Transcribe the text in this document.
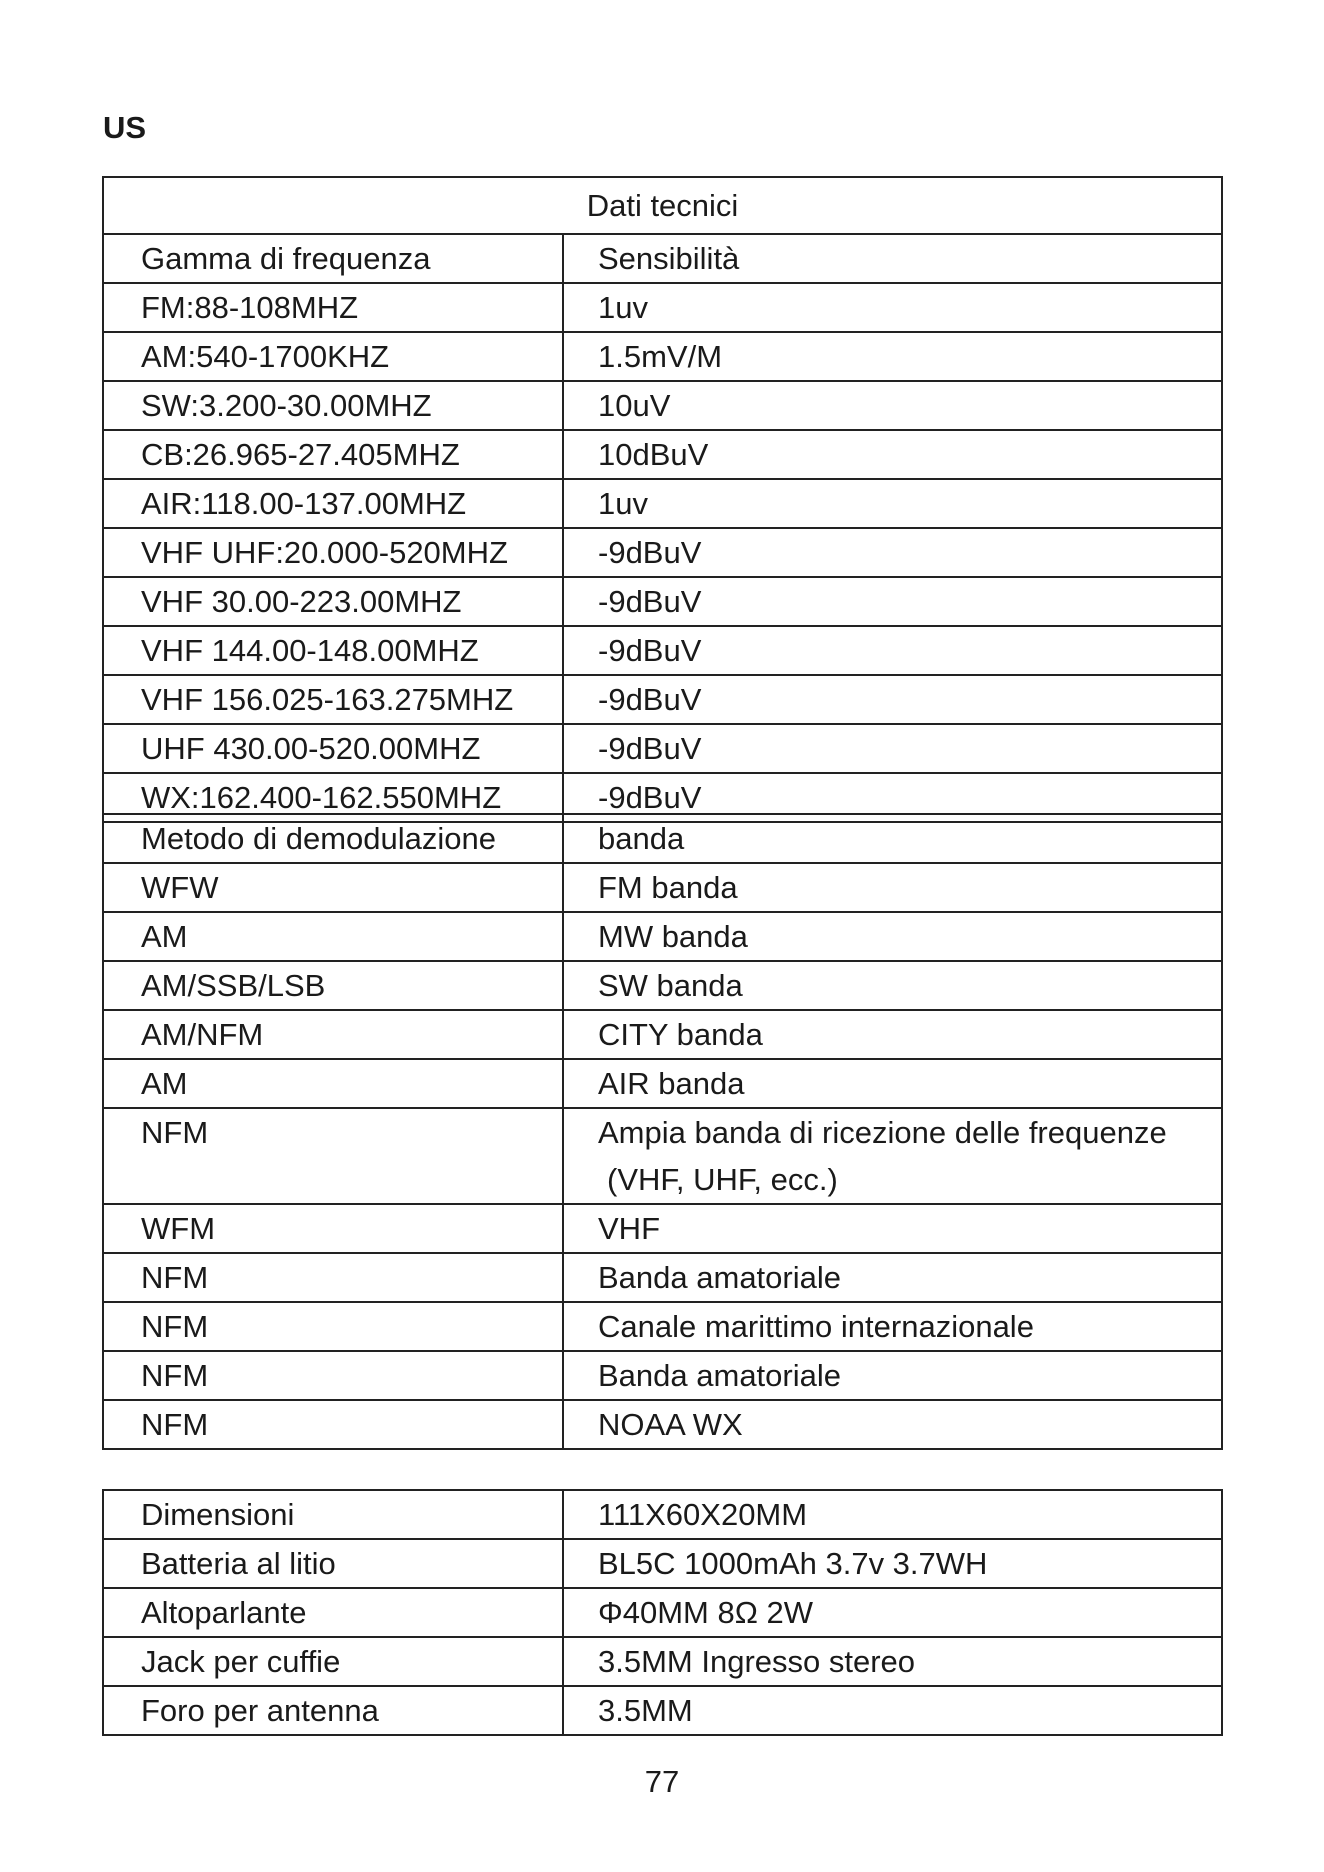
US
Dati tecnici	
Gamma di frequenza	Sensibilità
FM:88-108MHZ	1uv
AM:540-1700KHZ	1.5mV/M
SW:3.200-30.00MHZ	10uV
CB:26.965-27.405MHZ	10dBuV
AIR:118.00-137.00MHZ	1uv
VHF UHF:20.000-520MHZ	-9dBuV
VHF 30.00-223.00MHZ	-9dBuV
VHF 144.00-148.00MHZ	-9dBuV
VHF 156.025-163.275MHZ	-9dBuV
UHF 430.00-520.00MHZ	-9dBuV
WX:162.400-162.550MHZ	-9dBuV
Metodo di demodulazione	banda
WFW	FM banda
AM	MW banda
AM/SSB/LSB	SW banda
AM/NFM	CITY banda
AM	AIR banda

NFM	Ampia banda di ricezione delle frequenze
(VHF, UHF, ecc.)

WFM	VHF
NFM	Banda amatoriale
NFM	Canale marittimo internazionale
NFM	Banda amatoriale
NFM	NOAA WX
Dimensioni	111X60X20MM
Batteria al litio	BL5C 1000mAh 3.7v 3.7WH
Altoparlante	Φ40MM 8Ω 2W
Jack per cuffie	3.5MM Ingresso stereo
Foro per antenna	3.5MM
77
